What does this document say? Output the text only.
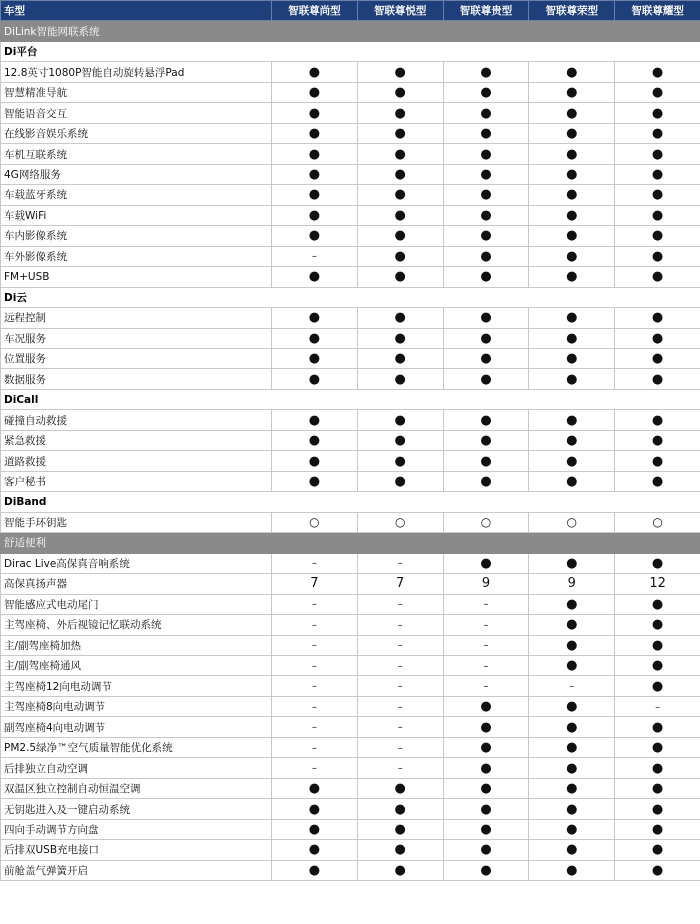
车型	智联尊尚型	智联尊悦型	智联尊贵型	智联尊荣型	智联尊耀型
DiLink智能网联系统					
Di平台					
12.8英寸1080P智能自动旋转悬浮Pad	●	●	●	●	●
智慧精准导航	●	●	●	●	●
智能语音交互	●	●	●	●	●
在线影音娱乐系统	●	●	●	●	●
车机互联系统	●	●	●	●	●
4G网络服务	●	●	●	●	●
车载蓝牙系统	●	●	●	●	●
车载WiFi	●	●	●	●	●
车内影像系统	●	●	●	●	●
车外影像系统	–	●	●	●	●
FM+USB	●	●	●	●	●
Di云					
远程控制	●	●	●	●	●
车况服务	●	●	●	●	●
位置服务	●	●	●	●	●
数据服务	●	●	●	●	●
DiCall					
碰撞自动救援	●	●	●	●	●
紧急救援	●	●	●	●	●
道路救援	●	●	●	●	●
客户秘书	●	●	●	●	●
DiBand					
智能手环钥匙	○	○	○	○	○
舒适便利					
Dirac Live高保真音响系统	–	–	●	●	●
高保真扬声器	7	7	9	9	12
智能感应式电动尾门	–	–	–	●	●
主驾座椅、外后视镜记忆联动系统	–	–	–	●	●
主/副驾座椅加热	–	–	–	●	●
主/副驾座椅通风	–	–	–	●	●
主驾座椅12向电动调节	–	–	–	–	●
主驾座椅8向电动调节	–	–	●	●	–
副驾座椅4向电动调节	–	–	●	●	●
PM2.5绿净™空气质量智能优化系统	–	–	●	●	●
后排独立自动空调	–	–	●	●	●
双温区独立控制自动恒温空调	●	●	●	●	●
无钥匙进入及一键启动系统	●	●	●	●	●
四向手动调节方向盘	●	●	●	●	●
后排双USB充电接口	●	●	●	●	●
前舱盖气弹簧开启	●	●	●	●	●
